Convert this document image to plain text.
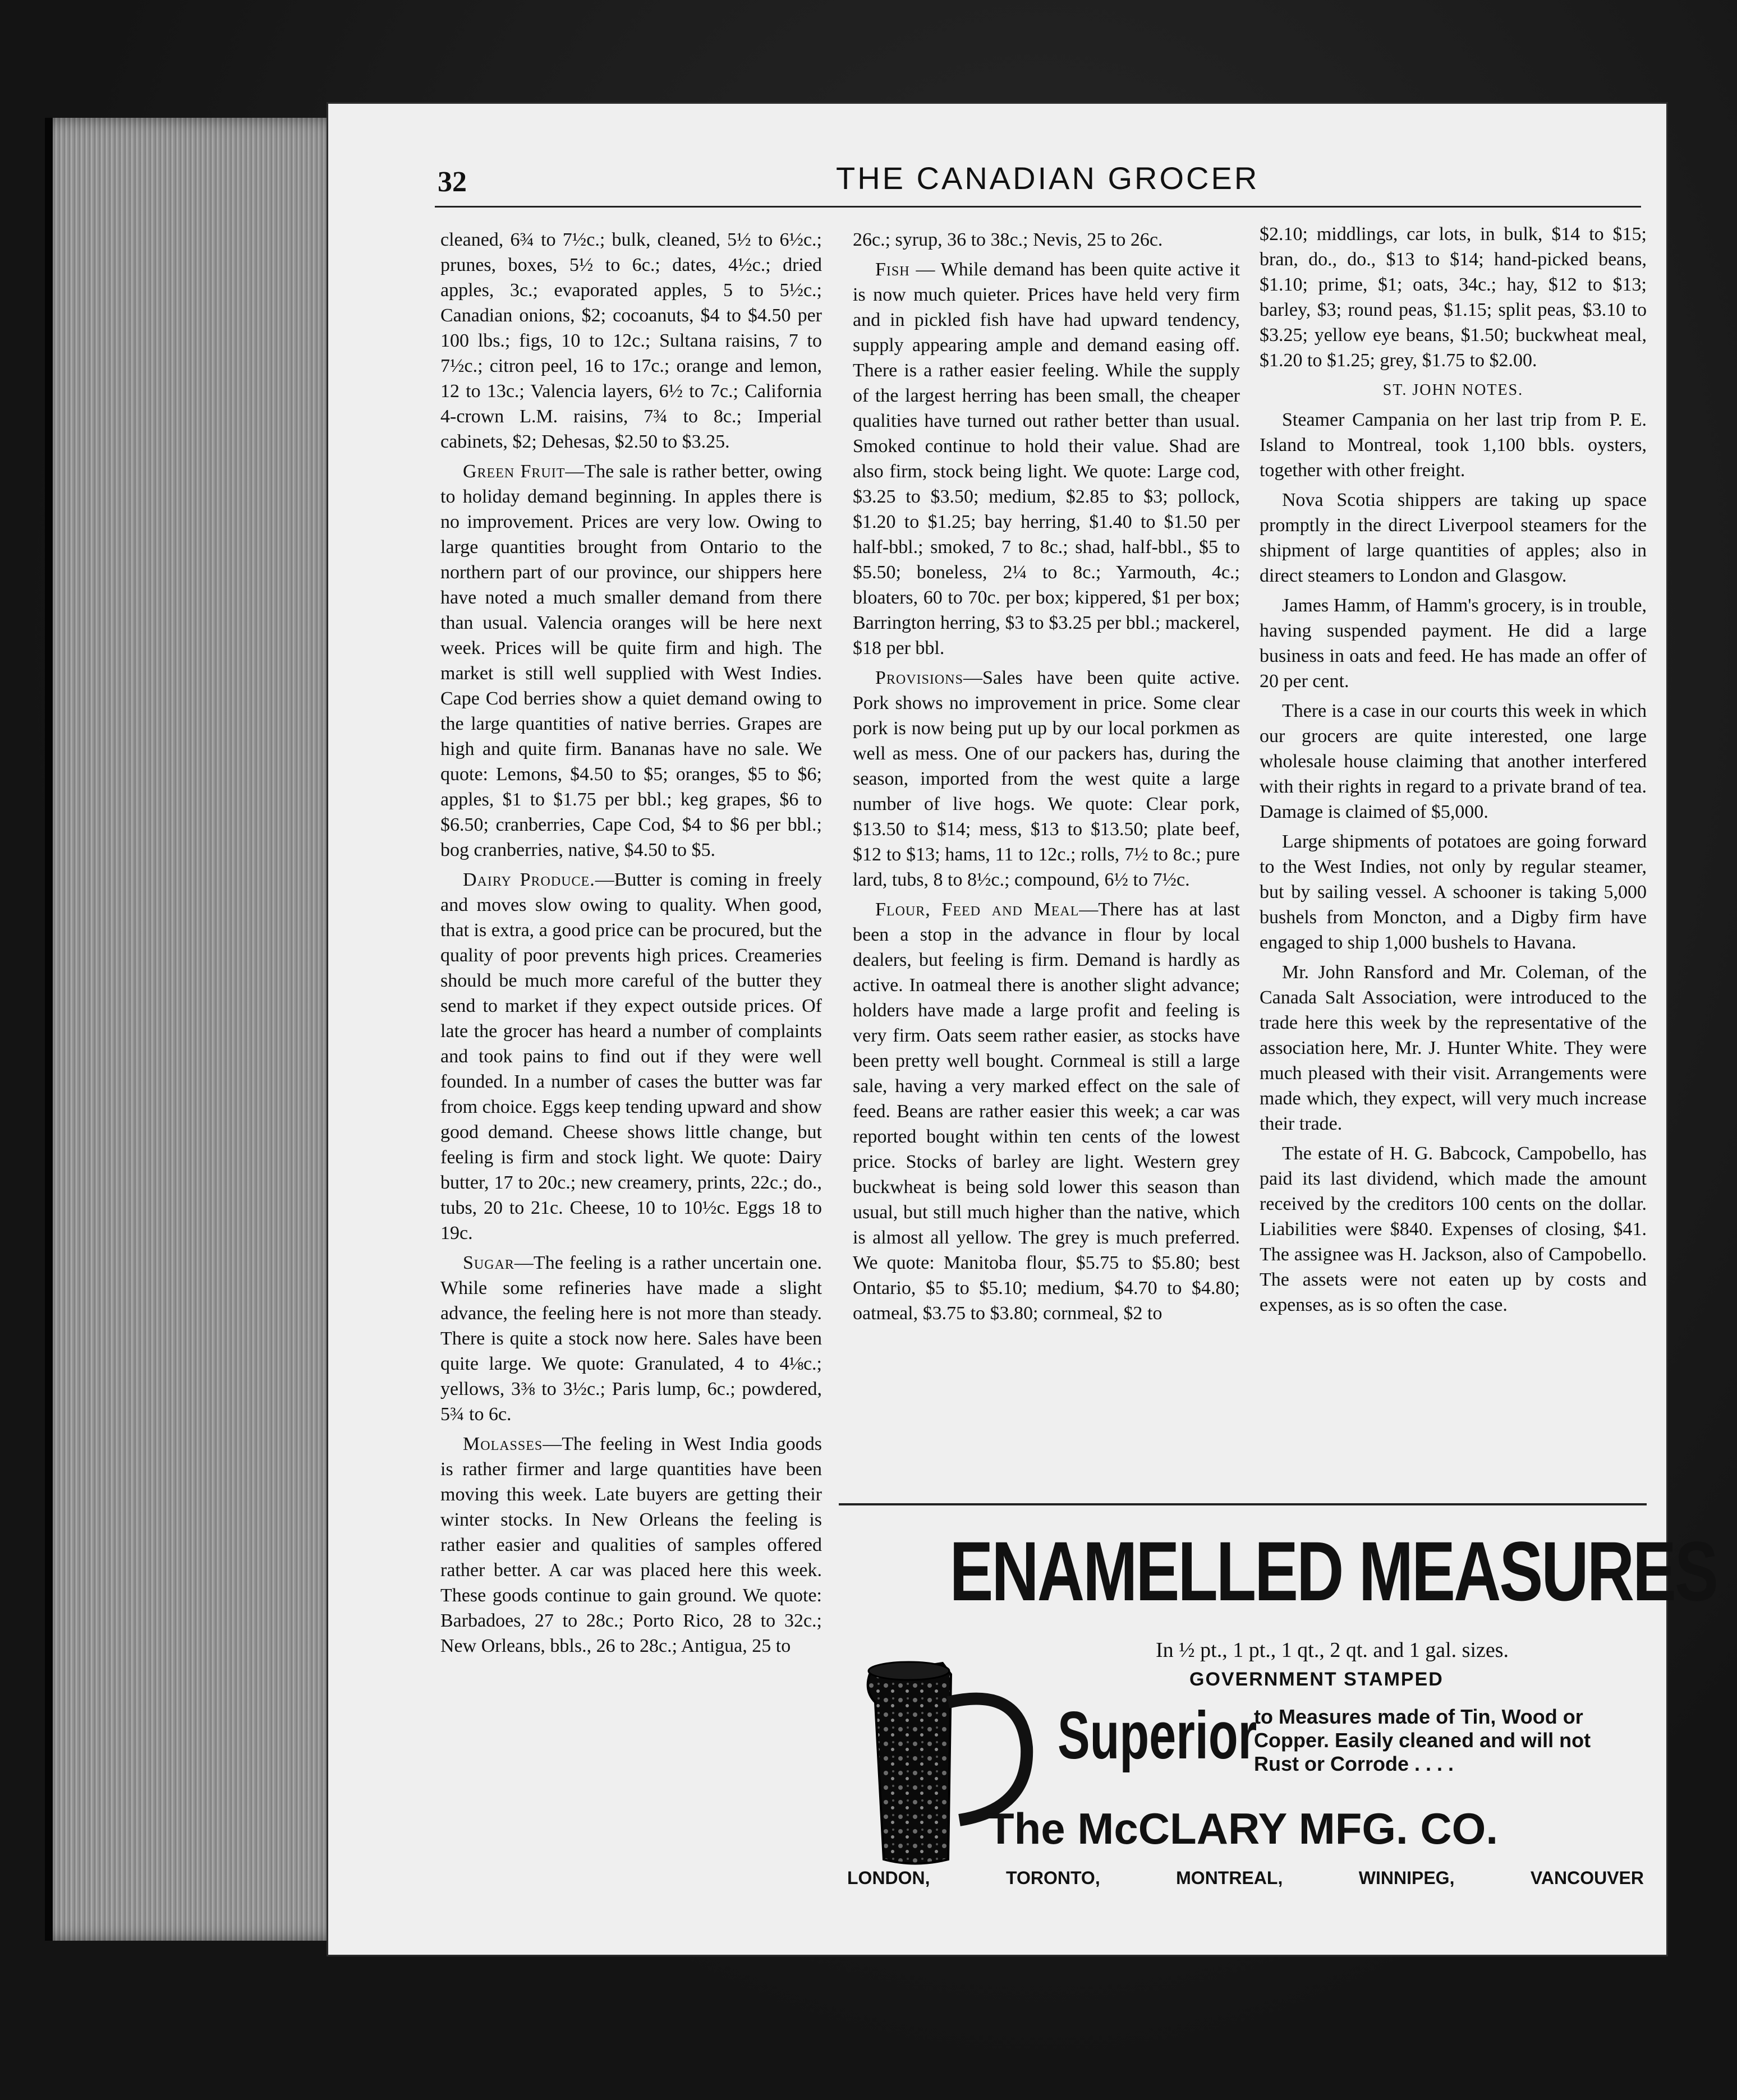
32	THE CANADIAN GROCER

cleaned, 6¾ to 7½c.; bulk, cleaned, 5½ to 6½c.; prunes, boxes, 5½ to 6c.; dates, 4½c.; dried apples, 3c.; evaporated apples, 5 to 5½c.; Canadian onions, $2; cocoanuts, $4 to $4.50 per 100 lbs.; figs, 10 to 12c.; Sultana raisins, 7 to 7½c.; citron peel, 16 to 17c.; orange and lemon, 12 to 13c.; Valencia layers, 6½ to 7c.; California 4-crown L.M. raisins, 7¾ to 8c.; Imperial cabinets, $2; Dehesas, $2.50 to $3.25.

Green Fruit—The sale is rather better, owing to holiday demand beginning. In apples there is no improvement. Prices are very low. Owing to large quantities brought from Ontario to the northern part of our province, our shippers here have noted a much smaller demand from there than usual. Valencia oranges will be here next week. Prices will be quite firm and high. The market is still well supplied with West Indies. Cape Cod berries show a quiet demand owing to the large quantities of native berries. Grapes are high and quite firm. Bananas have no sale. We quote: Lemons, $4.50 to $5; oranges, $5 to $6; apples, $1 to $1.75 per bbl.; keg grapes, $6 to $6.50; cranberries, Cape Cod, $4 to $6 per bbl.; bog cranberries, native, $4.50 to $5.

Dairy Produce.—Butter is coming in freely and moves slow owing to quality. When good, that is extra, a good price can be procured, but the quality of poor prevents high prices. Creameries should be much more careful of the butter they send to market if they expect outside prices. Of late the grocer has heard a number of complaints and took pains to find out if they were well founded. In a number of cases the butter was far from choice. Eggs keep tending upward and show good demand. Cheese shows little change, but feeling is firm and stock light. We quote: Dairy butter, 17 to 20c.; new creamery, prints, 22c.; do., tubs, 20 to 21c. Cheese, 10 to 10½c. Eggs 18 to 19c.

Sugar—The feeling is a rather uncertain one. While some refineries have made a slight advance, the feeling here is not more than steady. There is quite a stock now here. Sales have been quite large. We quote: Granulated, 4 to 4⅛c.; yellows, 3⅜ to 3½c.; Paris lump, 6c.; powdered, 5¾ to 6c.

Molasses—The feeling in West India goods is rather firmer and large quantities have been moving this week. Late buyers are getting their winter stocks. In New Orleans the feeling is rather easier and qualities of samples offered rather better. A car was placed here this week. These goods continue to gain ground. We quote: Barbadoes, 27 to 28c.; Porto Rico, 28 to 32c.; New Orleans, bbls., 26 to 28c.; Antigua, 25 to

26c.; syrup, 36 to 38c.; Nevis, 25 to 26c.

Fish — While demand has been quite active it is now much quieter. Prices have held very firm and in pickled fish have had upward tendency, supply appearing ample and demand easing off. There is a rather easier feeling. While the supply of the largest herring has been small, the cheaper qualities have turned out rather better than usual. Smoked continue to hold their value. Shad are also firm, stock being light. We quote: Large cod, $3.25 to $3.50; medium, $2.85 to $3; pollock, $1.20 to $1.25; bay herring, $1.40 to $1.50 per half-bbl.; smoked, 7 to 8c.; shad, half-bbl., $5 to $5.50; boneless, 2¼ to 8c.; Yarmouth, 4c.; bloaters, 60 to 70c. per box; kippered, $1 per box; Barrington herring, $3 to $3.25 per bbl.; mackerel, $18 per bbl.

Provisions—Sales have been quite active. Pork shows no improvement in price. Some clear pork is now being put up by our local porkmen as well as mess. One of our packers has, during the season, imported from the west quite a large number of live hogs. We quote: Clear pork, $13.50 to $14; mess, $13 to $13.50; plate beef, $12 to $13; hams, 11 to 12c.; rolls, 7½ to 8c.; pure lard, tubs, 8 to 8½c.; compound, 6½ to 7½c.

Flour, Feed and Meal—There has at last been a stop in the advance in flour by local dealers, but feeling is firm. Demand is hardly as active. In oatmeal there is another slight advance; holders have made a large profit and feeling is very firm. Oats seem rather easier, as stocks have been pretty well bought. Cornmeal is still a large sale, having a very marked effect on the sale of feed. Beans are rather easier this week; a car was reported bought within ten cents of the lowest price. Stocks of barley are light. Western grey buckwheat is being sold lower this season than usual, but still much higher than the native, which is almost all yellow. The grey is much preferred. We quote: Manitoba flour, $5.75 to $5.80; best Ontario, $5 to $5.10; medium, $4.70 to $4.80; oatmeal, $3.75 to $3.80; cornmeal, $2 to

$2.10; middlings, car lots, in bulk, $14 to $15; bran, do., do., $13 to $14; hand-picked beans, $1.10; prime, $1; oats, 34c.; hay, $12 to $13; barley, $3; round peas, $1.15; split peas, $3.10 to $3.25; yellow eye beans, $1.50; buckwheat meal, $1.20 to $1.25; grey, $1.75 to $2.00.

ST. JOHN NOTES.

Steamer Campania on her last trip from P. E. Island to Montreal, took 1,100 bbls. oysters, together with other freight.

Nova Scotia shippers are taking up space promptly in the direct Liverpool steamers for the shipment of large quantities of apples; also in direct steamers to London and Glasgow.

James Hamm, of Hamm's grocery, is in trouble, having suspended payment. He did a large business in oats and feed. He has made an offer of 20 per cent.

There is a case in our courts this week in which our grocers are quite interested, one large wholesale house claiming that another interfered with their rights in regard to a private brand of tea. Damage is claimed of $5,000.

Large shipments of potatoes are going forward to the West Indies, not only by regular steamer, but by sailing vessel. A schooner is taking 5,000 bushels from Moncton, and a Digby firm have engaged to ship 1,000 bushels to Havana.

Mr. John Ransford and Mr. Coleman, of the Canada Salt Association, were introduced to the trade here this week by the representative of the association here, Mr. J. Hunter White. They were much pleased with their visit. Arrangements were made which, they expect, will very much increase their trade.

The estate of H. G. Babcock, Campobello, has paid its last dividend, which made the amount received by the creditors 100 cents on the dollar. Liabilities were $840. Expenses of closing, $41. The assignee was H. Jackson, also of Campobello. The assets were not eaten up by costs and expenses, as is so often the case.

ENAMELLED MEASURES
In ½ pt., 1 pt., 1 qt., 2 qt. and 1 gal. sizes.
GOVERNMENT STAMPED
Superior
to Measures made of Tin, Wood or Copper. Easily cleaned and will not Rust or Corrode . . . .
The McCLARY MFG. CO.
LONDON,	TORONTO,	MONTREAL,	WINNIPEG,	VANCOUVER
